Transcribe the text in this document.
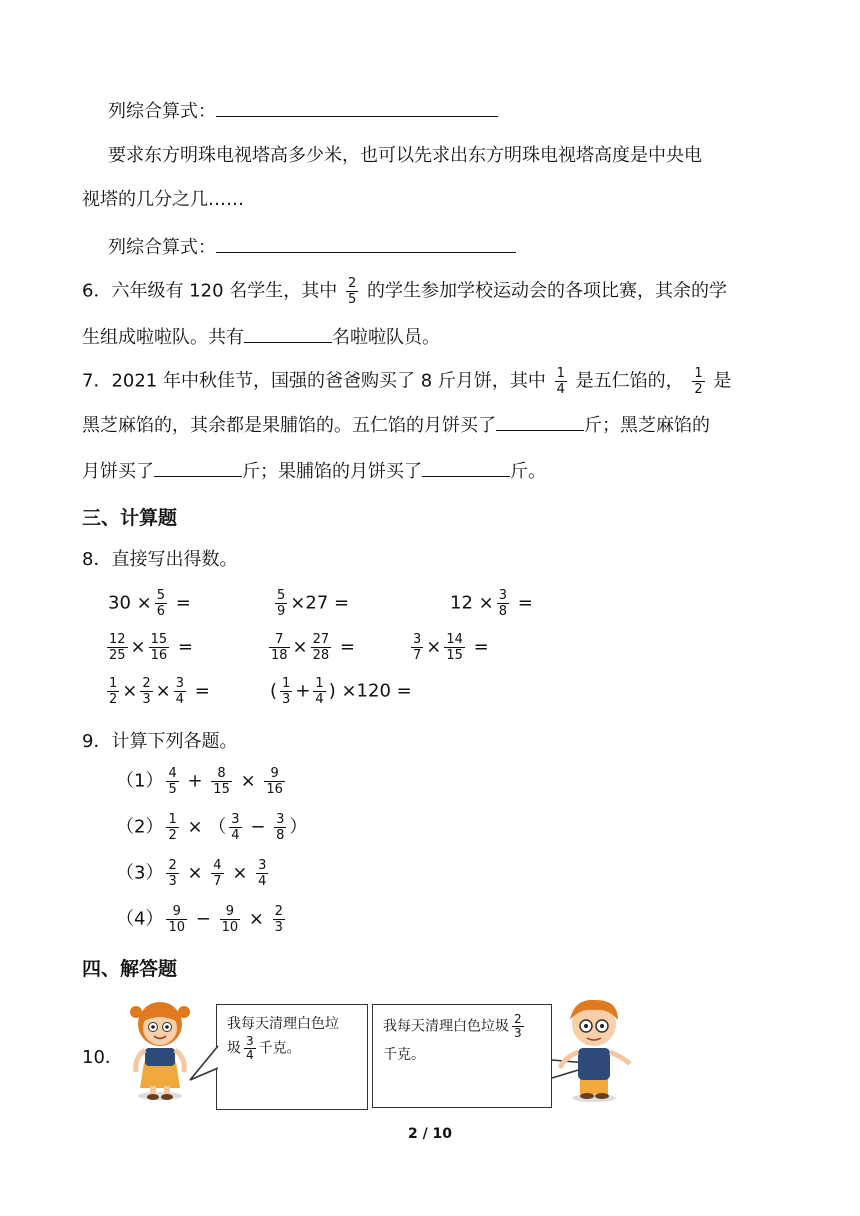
列综合算式：
要求东方明珠电视塔高多少米，也可以先求出东方明珠电视塔高度是中央电
视塔的几分之几……
列综合算式：
6．六年级有 120 名学生，其中 $\frac{2}{5}$ 的学生参加学校运动会的各项比赛，其余的学
生组成啦啦队。共有	名啦啦队员。
7．2021 年中秋佳节，国强的爸爸购买了 8 斤月饼，其中 $\frac{1}{4}$ 是五仁馅的， $\frac{1}{2}$ 是
黑芝麻馅的，其余都是果脯馅的。五仁馅的月饼买了	斤；黑芝麻馅的
月饼买了	斤；果脯馅的月饼买了	斤。
三、计算题
8．直接写出得数。
$30 \times \frac{5}{6}$ =	$\frac{5}{9} \times 27$ =	$12 \times \frac{3}{8}$ =
$\frac{12}{25} \times \frac{15}{16}$ =	$\frac{7}{18} \times \frac{27}{28}$ =	$\frac{3}{7} \times \frac{14}{15}$ =
$\frac{1}{2} \times \frac{2}{3} \times \frac{3}{4}$ =	( $\frac{1}{3} + \frac{1}{4}$ ) ×120 =
9．计算下列各题。
$(1) \frac{4}{5} + \frac{8}{15} \times \frac{9}{16}$
$(2) \frac{1}{2}$ × （ $\frac{3}{4} - \frac{3}{8}$ ）
$(3) \frac{2}{3} \times \frac{4}{7} \times \frac{3}{4}$
$(4) \frac{9}{10} - \frac{9}{10} \times \frac{2}{3}$
四、解答题
10．
我每天清理白色垃
圾 $\frac{3}{4}$ 千克。
我每天清理白色垃圾 $\frac{2}{3}$
千克。
2 / 10
